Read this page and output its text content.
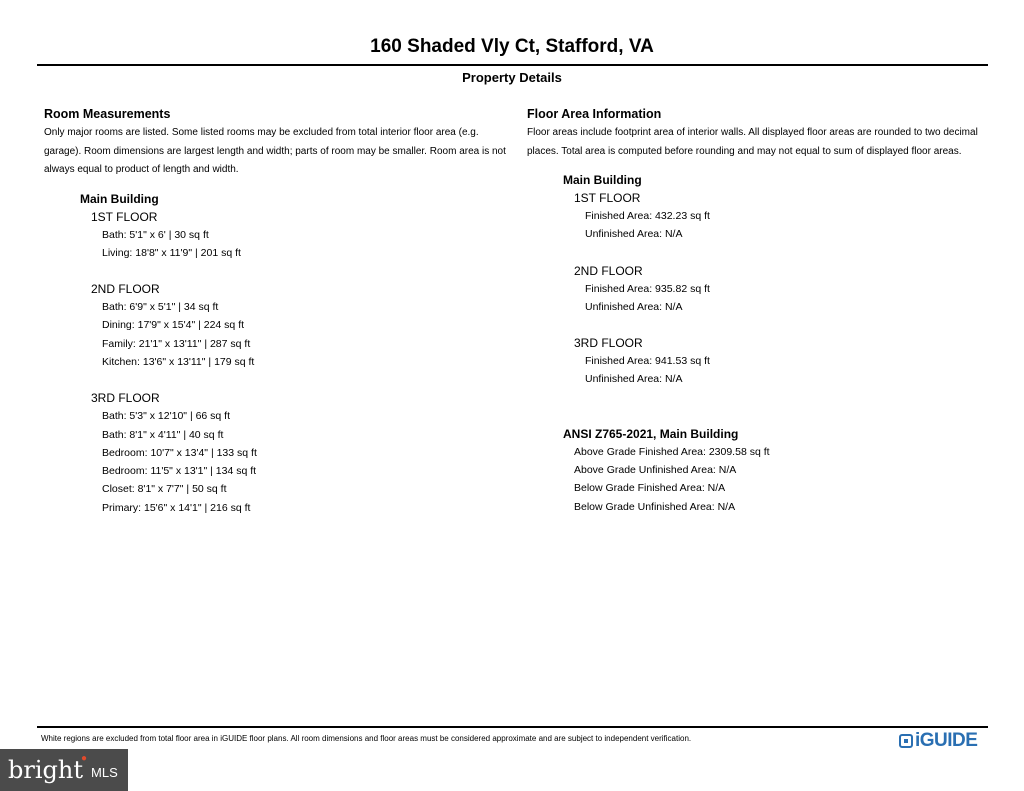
160 Shaded Vly Ct, Stafford, VA
Property Details
Room Measurements
Only major rooms are listed. Some listed rooms may be excluded from total interior floor area (e.g. garage). Room dimensions are largest length and width; parts of room may be smaller. Room area is not always equal to product of length and width.
Main Building
1ST FLOOR
Bath: 5'1" x 6' | 30 sq ft
Living: 18'8" x 11'9" | 201 sq ft
2ND FLOOR
Bath: 6'9" x 5'1" | 34 sq ft
Dining: 17'9" x 15'4" | 224 sq ft
Family: 21'1" x 13'11" | 287 sq ft
Kitchen: 13'6" x 13'11" | 179 sq ft
3RD FLOOR
Bath: 5'3" x 12'10" | 66 sq ft
Bath: 8'1" x 4'11" | 40 sq ft
Bedroom: 10'7" x 13'4" | 133 sq ft
Bedroom: 11'5" x 13'1" | 134 sq ft
Closet: 8'1" x 7'7" | 50 sq ft
Primary: 15'6" x 14'1" | 216 sq ft
Floor Area Information
Floor areas include footprint area of interior walls. All displayed floor areas are rounded to two decimal places. Total area is computed before rounding and may not equal to sum of displayed floor areas.
Main Building
1ST FLOOR
Finished Area: 432.23 sq ft
Unfinished Area: N/A
2ND FLOOR
Finished Area: 935.82 sq ft
Unfinished Area: N/A
3RD FLOOR
Finished Area: 941.53 sq ft
Unfinished Area: N/A
ANSI Z765-2021, Main Building
Above Grade Finished Area: 2309.58 sq ft
Above Grade Unfinished Area: N/A
Below Grade Finished Area: N/A
Below Grade Unfinished Area: N/A
White regions are excluded from total floor area in iGUIDE floor plans. All room dimensions and floor areas must be considered approximate and are subject to independent verification.	iGUIDE
bright
●
MLS
